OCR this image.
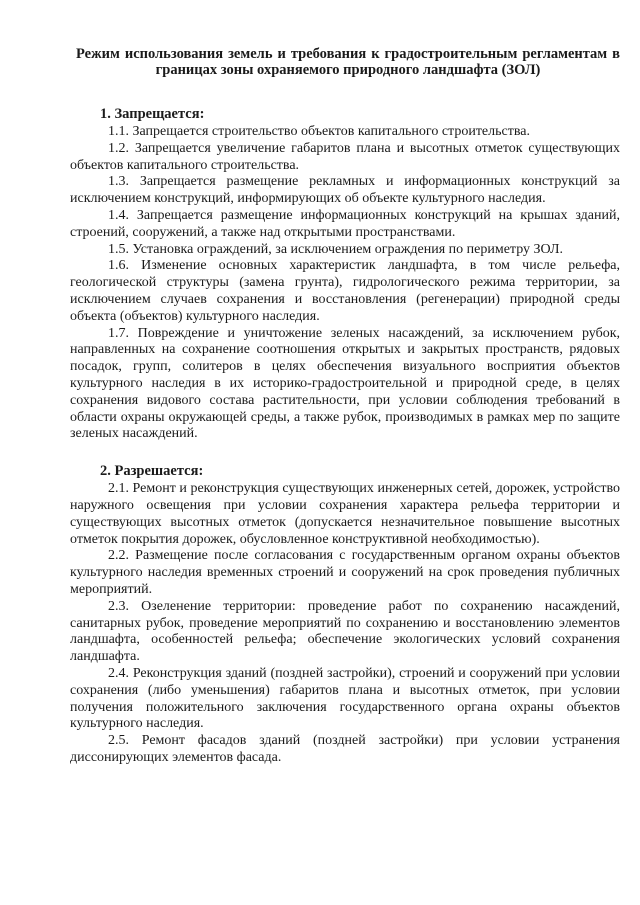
Режим использования земель и требования к градостроительным регламентам в границах зоны охраняемого природного ландшафта (ЗОЛ)
1. Запрещается:

1.1. Запрещается строительство объектов капитального строительства.

1.2. Запрещается увеличение габаритов плана и высотных отметок существующих объектов капитального строительства.

1.3. Запрещается размещение рекламных и информационных конструкций за исключением конструкций, информирующих об объекте культурного наследия.

1.4. Запрещается размещение информационных конструкций на крышах зданий, строений, сооружений, а также над открытыми пространствами.

1.5. Установка ограждений, за исключением ограждения по периметру ЗОЛ.

1.6. Изменение основных характеристик ландшафта, в том числе рельефа, геологической структуры (замена грунта), гидрологического режима территории, за исключением случаев сохранения и восстановления (регенерации) природной среды объекта (объектов) культурного наследия.

1.7. Повреждение и уничтожение зеленых насаждений, за исключением рубок, направленных на сохранение соотношения открытых и закрытых пространств, рядовых посадок, групп, солитеров в целях обеспечения визуального восприятия объектов культурного наследия в их историко-градостроительной и природной среде, в целях сохранения видового состава растительности, при условии соблюдения требований в области охраны окружающей среды, а также рубок, производимых в рамках мер по защите зеленых насаждений.

2. Разрешается:

2.1. Ремонт и реконструкция существующих инженерных сетей, дорожек, устройство наружного освещения при условии сохранения характера рельефа территории и существующих высотных отметок (допускается незначительное повышение высотных отметок покрытия дорожек, обусловленное конструктивной необходимостью).

2.2. Размещение после согласования с государственным органом охраны объектов культурного наследия временных строений и сооружений на срок проведения публичных мероприятий.

2.3. Озеленение территории: проведение работ по сохранению насаждений, санитарных рубок, проведение мероприятий по сохранению и восстановлению элементов ландшафта, особенностей рельефа; обеспечение экологических условий сохранения ландшафта.

2.4. Реконструкция зданий (поздней застройки), строений и сооружений при условии сохранения (либо уменьшения) габаритов плана и высотных отметок, при условии получения положительного заключения государственного органа охраны объектов культурного наследия.

2.5. Ремонт фасадов зданий (поздней застройки) при условии устранения диссонирующих элементов фасада.
